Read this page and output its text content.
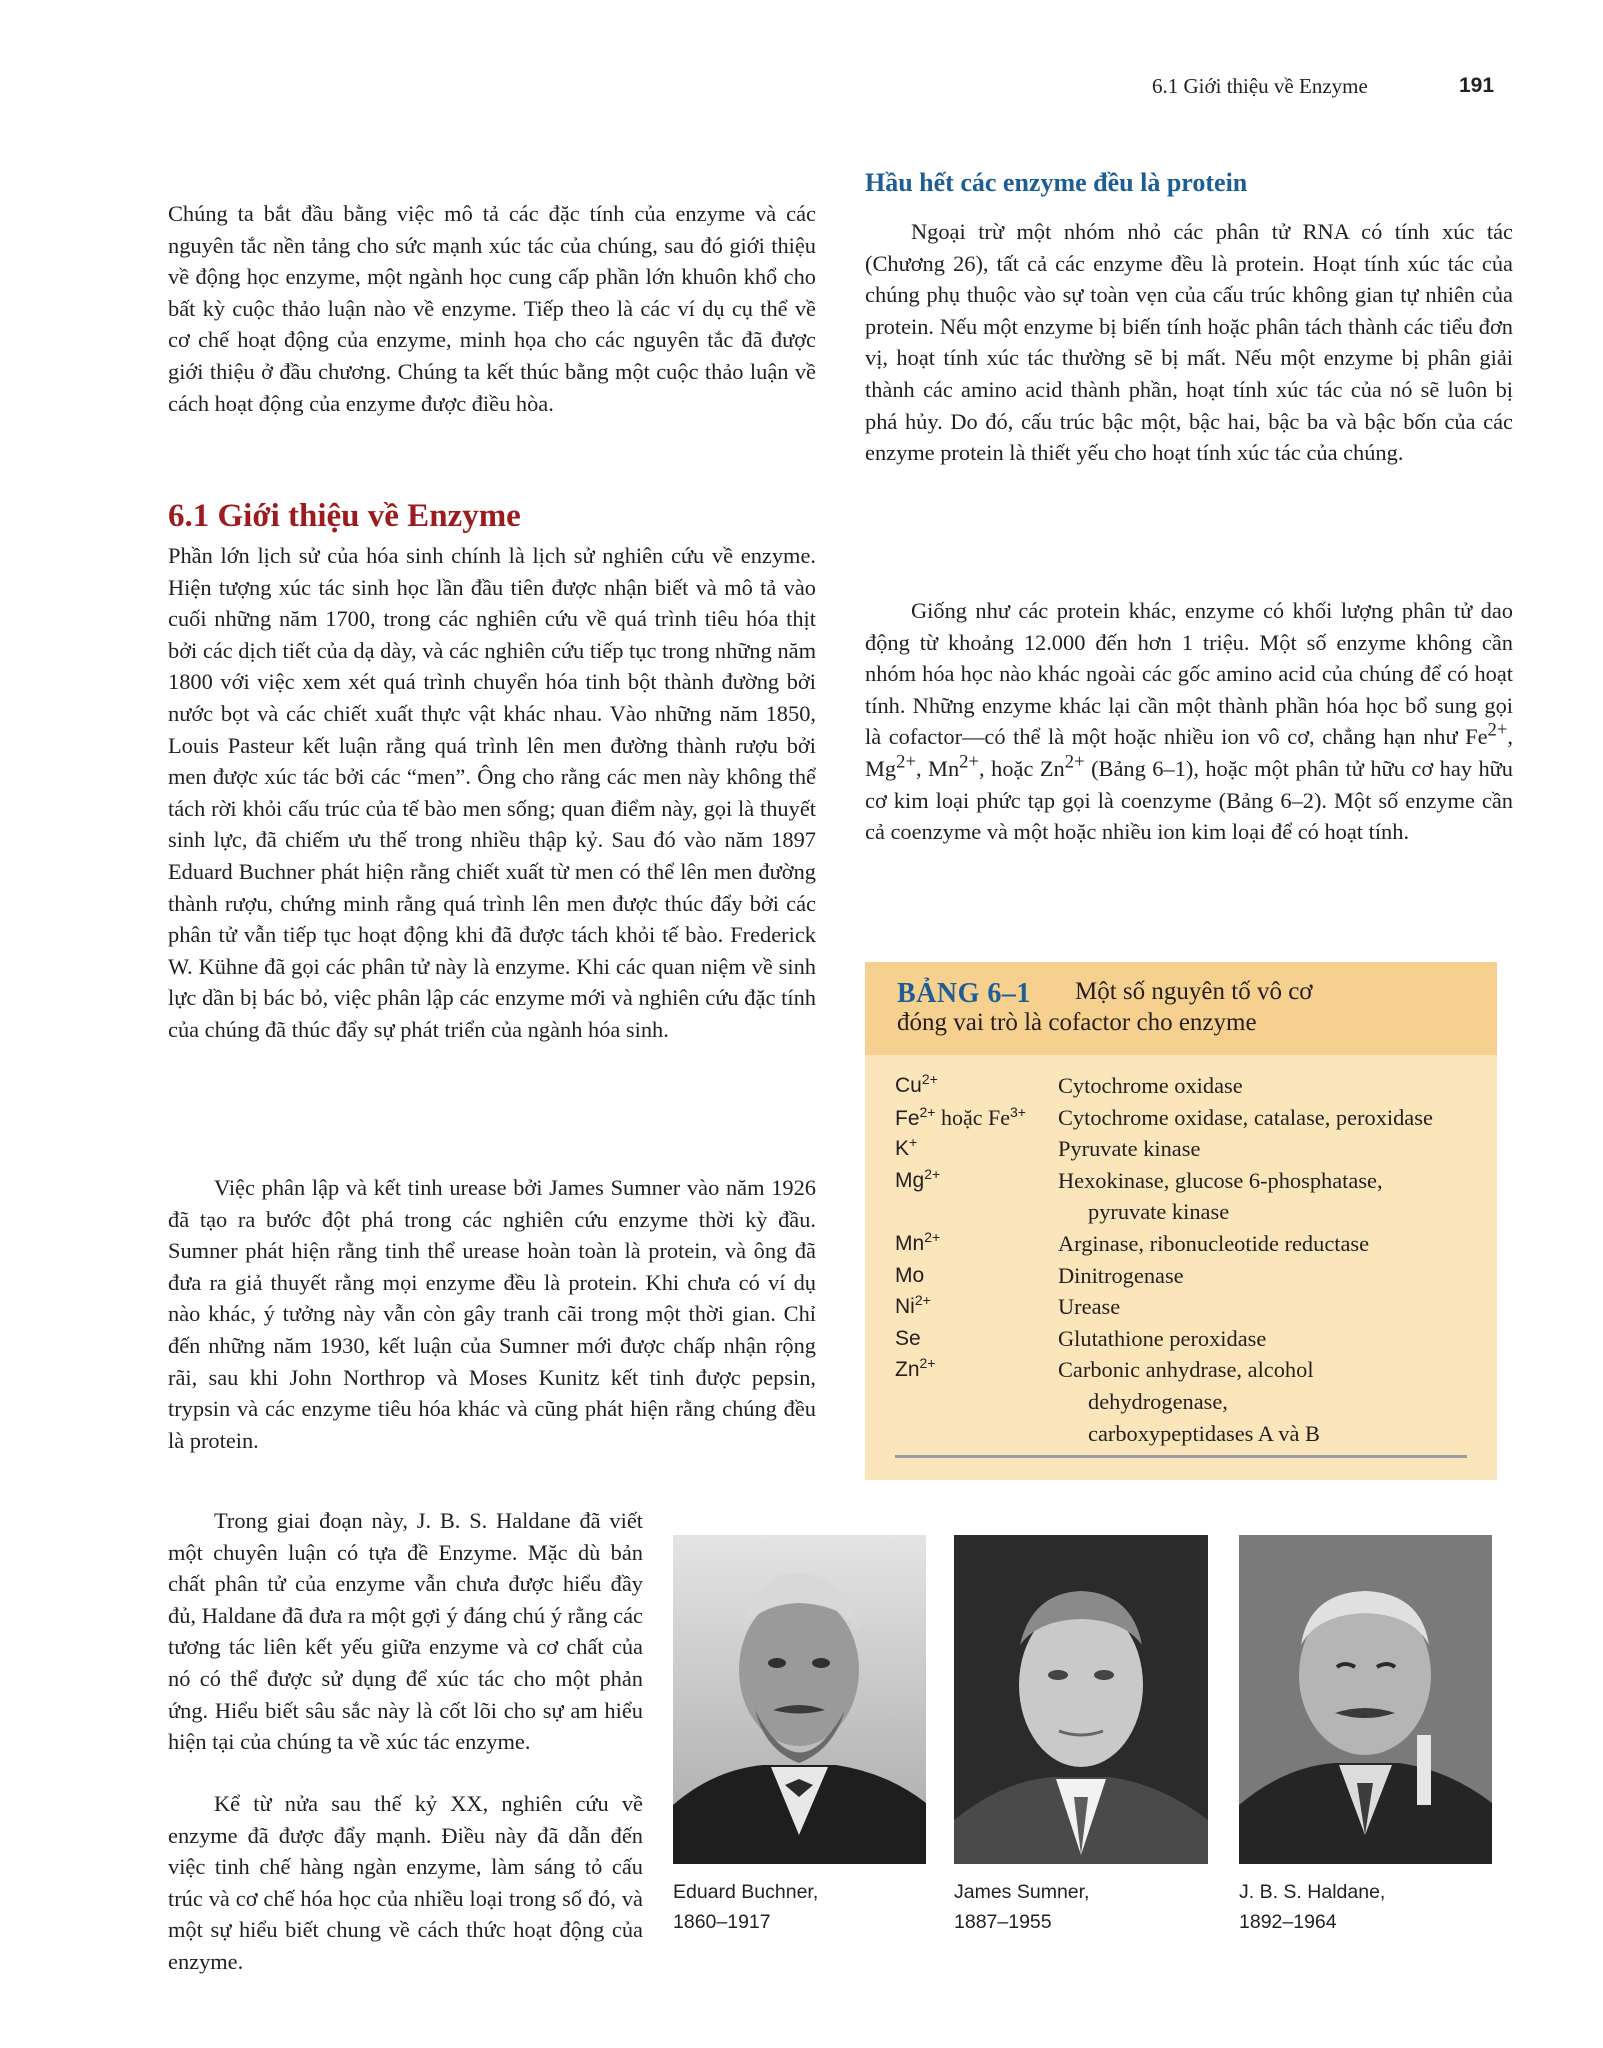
6.1 Giới thiệu về Enzyme	191

Chúng ta bắt đầu bằng việc mô tả các đặc tính của enzyme và các nguyên tắc nền tảng cho sức mạnh xúc tác của chúng, sau đó giới thiệu về động học enzyme, một ngành học cung cấp phần lớn khuôn khổ cho bất kỳ cuộc thảo luận nào về enzyme. Tiếp theo là các ví dụ cụ thể về cơ chế hoạt động của enzyme, minh họa cho các nguyên tắc đã được giới thiệu ở đầu chương. Chúng ta kết thúc bằng một cuộc thảo luận về cách hoạt động của enzyme được điều hòa.

6.1 Giới thiệu về Enzyme

Phần lớn lịch sử của hóa sinh chính là lịch sử nghiên cứu về enzyme. Hiện tượng xúc tác sinh học lần đầu tiên được nhận biết và mô tả vào cuối những năm 1700, trong các nghiên cứu về quá trình tiêu hóa thịt bởi các dịch tiết của dạ dày, và các nghiên cứu tiếp tục trong những năm 1800 với việc xem xét quá trình chuyển hóa tinh bột thành đường bởi nước bọt và các chiết xuất thực vật khác nhau. Vào những năm 1850, Louis Pasteur kết luận rằng quá trình lên men đường thành rượu bởi men được xúc tác bởi các “men”. Ông cho rằng các men này không thể tách rời khỏi cấu trúc của tế bào men sống; quan điểm này, gọi là thuyết sinh lực, đã chiếm ưu thế trong nhiều thập kỷ. Sau đó vào năm 1897 Eduard Buchner phát hiện rằng chiết xuất từ men có thể lên men đường thành rượu, chứng minh rằng quá trình lên men được thúc đẩy bởi các phân tử vẫn tiếp tục hoạt động khi đã được tách khỏi tế bào. Frederick W. Kühne đã gọi các phân tử này là enzyme. Khi các quan niệm về sinh lực dần bị bác bỏ, việc phân lập các enzyme mới và nghiên cứu đặc tính của chúng đã thúc đẩy sự phát triển của ngành hóa sinh.

Việc phân lập và kết tinh urease bởi James Sumner vào năm 1926 đã tạo ra bước đột phá trong các nghiên cứu enzyme thời kỳ đầu. Sumner phát hiện rằng tinh thể urease hoàn toàn là protein, và ông đã đưa ra giả thuyết rằng mọi enzyme đều là protein. Khi chưa có ví dụ nào khác, ý tưởng này vẫn còn gây tranh cãi trong một thời gian. Chỉ đến những năm 1930, kết luận của Sumner mới được chấp nhận rộng rãi, sau khi John Northrop và Moses Kunitz kết tinh được pepsin, trypsin và các enzyme tiêu hóa khác và cũng phát hiện rằng chúng đều là protein.

Trong giai đoạn này, J. B. S. Haldane đã viết một chuyên luận có tựa đề Enzyme. Mặc dù bản chất phân tử của enzyme vẫn chưa được hiểu đầy đủ, Haldane đã đưa ra một gợi ý đáng chú ý rằng các tương tác liên kết yếu giữa enzyme và cơ chất của nó có thể được sử dụng để xúc tác cho một phản ứng. Hiểu biết sâu sắc này là cốt lõi cho sự am hiểu hiện tại của chúng ta về xúc tác enzyme.

Kể từ nửa sau thế kỷ XX, nghiên cứu về enzyme đã được đẩy mạnh. Điều này đã dẫn đến việc tinh chế hàng ngàn enzyme, làm sáng tỏ cấu trúc và cơ chế hóa học của nhiều loại trong số đó, và một sự hiểu biết chung về cách thức hoạt động của enzyme.

Hầu hết các enzyme đều là protein

Ngoại trừ một nhóm nhỏ các phân tử RNA có tính xúc tác (Chương 26), tất cả các enzyme đều là protein. Hoạt tính xúc tác của chúng phụ thuộc vào sự toàn vẹn của cấu trúc không gian tự nhiên của protein. Nếu một enzyme bị biến tính hoặc phân tách thành các tiểu đơn vị, hoạt tính xúc tác thường sẽ bị mất. Nếu một enzyme bị phân giải thành các amino acid thành phần, hoạt tính xúc tác của nó sẽ luôn bị phá hủy. Do đó, cấu trúc bậc một, bậc hai, bậc ba và bậc bốn của các enzyme protein là thiết yếu cho hoạt tính xúc tác của chúng.

Giống như các protein khác, enzyme có khối lượng phân tử dao động từ khoảng 12.000 đến hơn 1 triệu. Một số enzyme không cần nhóm hóa học nào khác ngoài các gốc amino acid của chúng để có hoạt tính. Những enzyme khác lại cần một thành phần hóa học bổ sung gọi là cofactor—có thể là một hoặc nhiều ion vô cơ, chẳng hạn như $Fe^{2+}$, $Mg^{2+}$, $Mn^{2+}$, hoặc $Zn^{2+}$ (Bảng 6–1), hoặc một phân tử hữu cơ hay hữu cơ kim loại phức tạp gọi là coenzyme (Bảng 6–2). Một số enzyme cần cả coenzyme và một hoặc nhiều ion kim loại để có hoạt tính.

BẢNG 6–1	Một số nguyên tố vô cơ
đóng vai trò là cofactor cho enzyme
$Cu^{2+}$	Cytochrome oxidase
$Fe^{2+}$ hoặc $Fe^{3+}$	Cytochrome oxidase, catalase, peroxidase
K+	Pyruvate kinase
$Mg^{2+}$	Hexokinase, glucose 6-phosphatase,
pyruvate kinase
$Mn^{2+}$	Arginase, ribonucleotide reductase
Mo	Dinitrogenase
$Ni^{2+}$	Urease
Se	Glutathione peroxidase
$Zn^{2+}$	Carbonic anhydrase, alcohol
dehydrogenase,
carboxypeptidases A và B
Eduard Buchner,
1860–1917
James Sumner,
1887–1955
J. B. S. Haldane,
1892–1964
